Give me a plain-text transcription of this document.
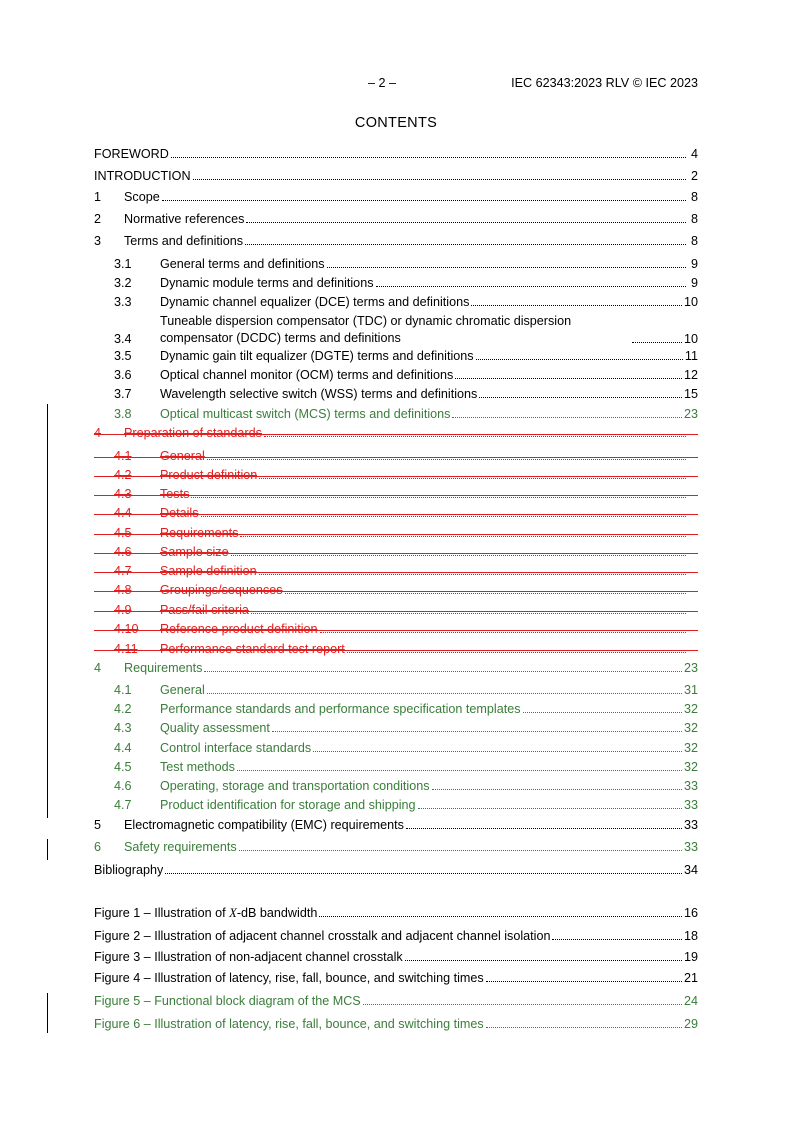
– 2 –	IEC 62343:2023 RLV © IEC 2023
CONTENTS
FOREWORD	4
INTRODUCTION	2
1	Scope	8
2	Normative references	8
3	Terms and definitions	8
3.1	General terms and definitions	9
3.2	Dynamic module terms and definitions	9
3.3	Dynamic channel equalizer (DCE) terms and definitions	10
3.4
Tuneable dispersion compensator (TDC) or dynamic chromatic dispersion
compensator (DCDC) terms and definitions	10
3.5	Dynamic gain tilt equalizer (DGTE) terms and definitions	11
3.6	Optical channel monitor (OCM) terms and definitions	12
3.7	Wavelength selective switch (WSS) terms and definitions	15
3.8	Optical multicast switch (MCS) terms and definitions	23
4	Preparation of standards
4.1	General
4.2	Product definition
4.3	Tests
4.4	Details
4.5	Requirements
4.6	Sample size
4.7	Sample definition
4.8	Groupings/sequences
4.9	Pass/fail criteria
4.10	Reference product definition
4.11	Performance standard test report
4	Requirements	23
4.1	General	31
4.2	Performance standards and performance specification templates	32
4.3	Quality assessment	32
4.4	Control interface standards	32
4.5	Test methods	32
4.6	Operating, storage and transportation conditions	33
4.7	Product identification for storage and shipping	33
5	Electromagnetic compatibility (EMC) requirements	33
6	Safety requirements	33
Bibliography	34
Figure 1 – Illustration of X-dB bandwidth	16
Figure 2 – Illustration of adjacent channel crosstalk and adjacent channel isolation	18
Figure 3 – Illustration of non-adjacent channel crosstalk	19
Figure 4 – Illustration of latency, rise, fall, bounce, and switching times	21
Figure 5 – Functional block diagram of the MCS	24
Figure 6 – Illustration of latency, rise, fall, bounce, and switching times	29
